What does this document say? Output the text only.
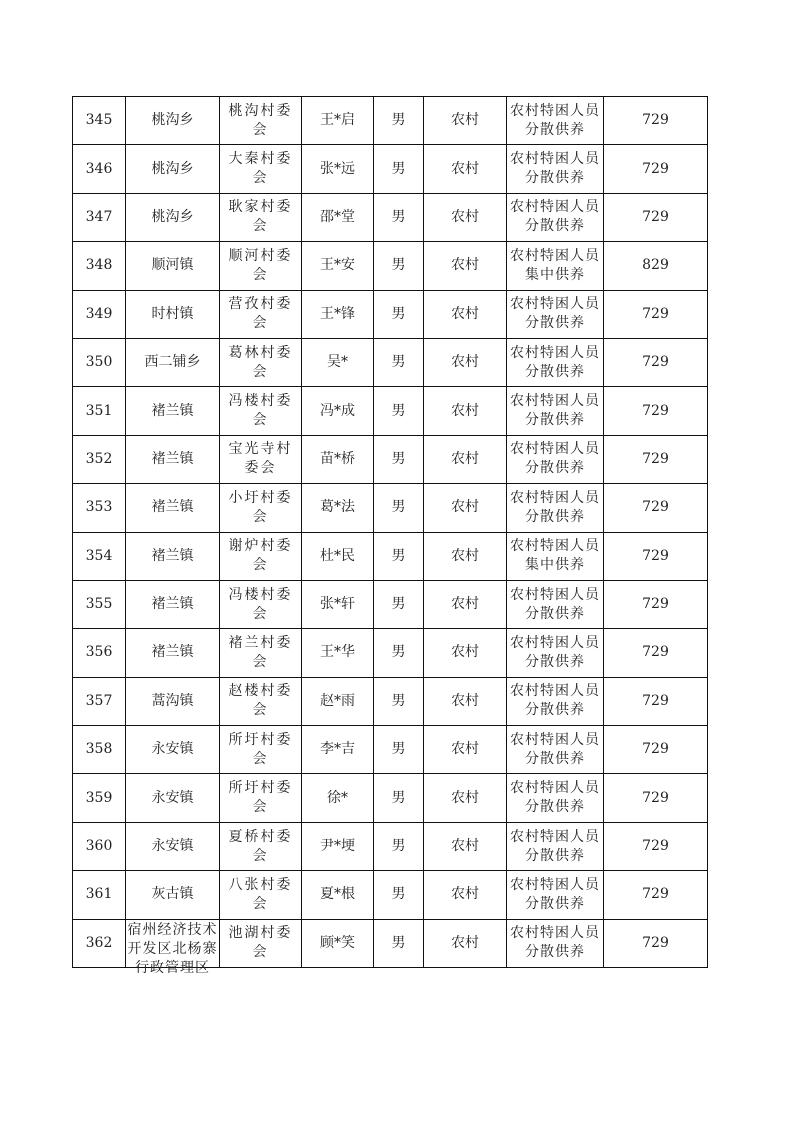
345	桃沟乡	桃沟村委会	王*启	男	农村	农村特困人员分散供养	729
346	桃沟乡	大秦村委会	张*远	男	农村	农村特困人员分散供养	729
347	桃沟乡	耿家村委会	邵*堂	男	农村	农村特困人员分散供养	729
348	顺河镇	顺河村委会	王*安	男	农村	农村特困人员集中供养	829
349	时村镇	营孜村委会	王*锋	男	农村	农村特困人员分散供养	729
350	西二铺乡	葛林村委会	吴*	男	农村	农村特困人员分散供养	729
351	褚兰镇	冯楼村委会	冯*成	男	农村	农村特困人员分散供养	729
352	褚兰镇	宝光寺村委会	苗*桥	男	农村	农村特困人员分散供养	729
353	褚兰镇	小圩村委会	葛*法	男	农村	农村特困人员分散供养	729
354	褚兰镇	谢炉村委会	杜*民	男	农村	农村特困人员集中供养	729
355	褚兰镇	冯楼村委会	张*轩	男	农村	农村特困人员分散供养	729
356	褚兰镇	褚兰村委会	王*华	男	农村	农村特困人员分散供养	729
357	蒿沟镇	赵楼村委会	赵*雨	男	农村	农村特困人员分散供养	729
358	永安镇	所圩村委会	李*吉	男	农村	农村特困人员分散供养	729
359	永安镇	所圩村委会	徐*	男	农村	农村特困人员分散供养	729
360	永安镇	夏桥村委会	尹*埂	男	农村	农村特困人员分散供养	729
361	灰古镇	八张村委会	夏*根	男	农村	农村特困人员分散供养	729
362	宿州经济技术开发区北杨寨行政管理区	池湖村委会	顾*笑	男	农村	农村特困人员分散供养	729
